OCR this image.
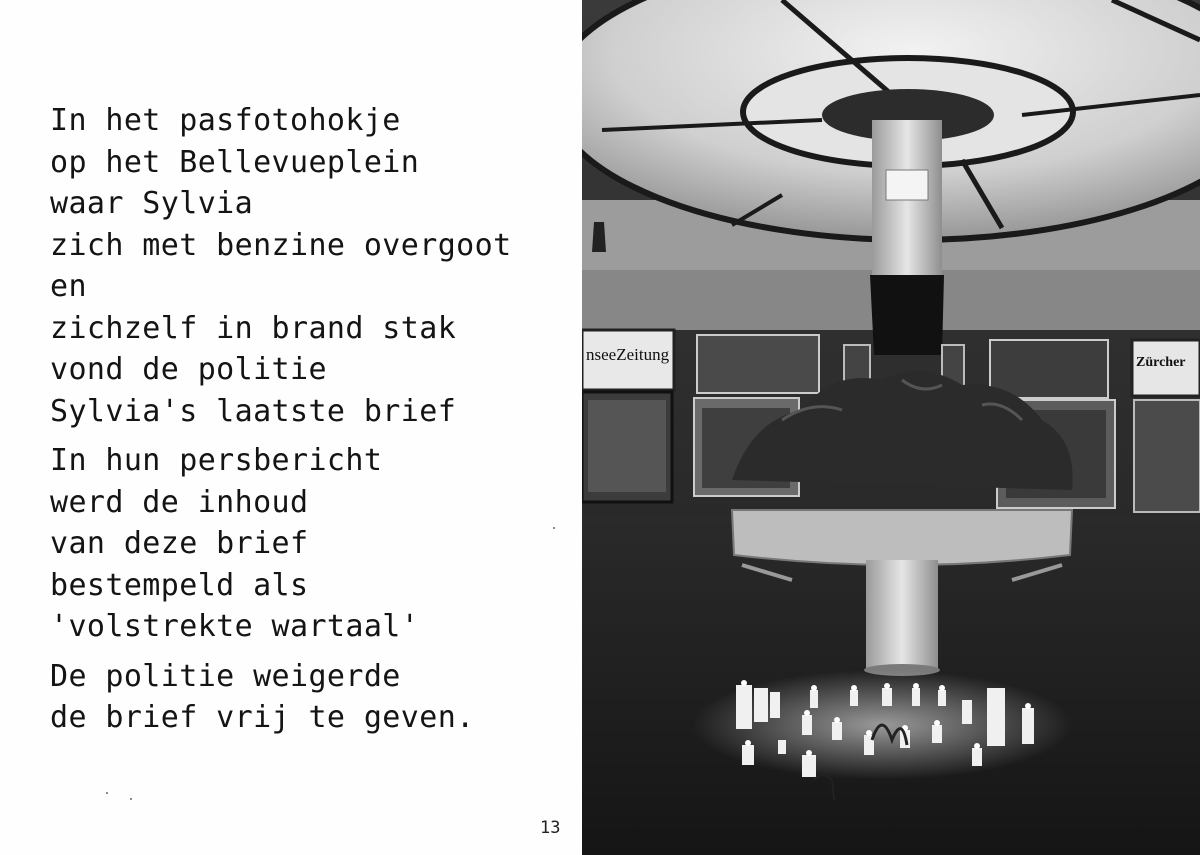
In het pasfotohokje
op het Bellevueplein
waar Sylvia
zich met benzine overgoot
en
zichzelf in brand stak
vond de politie
Sylvia's laatste brief
In hun persbericht
werd de inhoud
van deze brief
bestempeld als
'volstrekte wartaal'
De politie weigerde
de brief vrij te geven.
13
nseeZeitung	Zürcher
